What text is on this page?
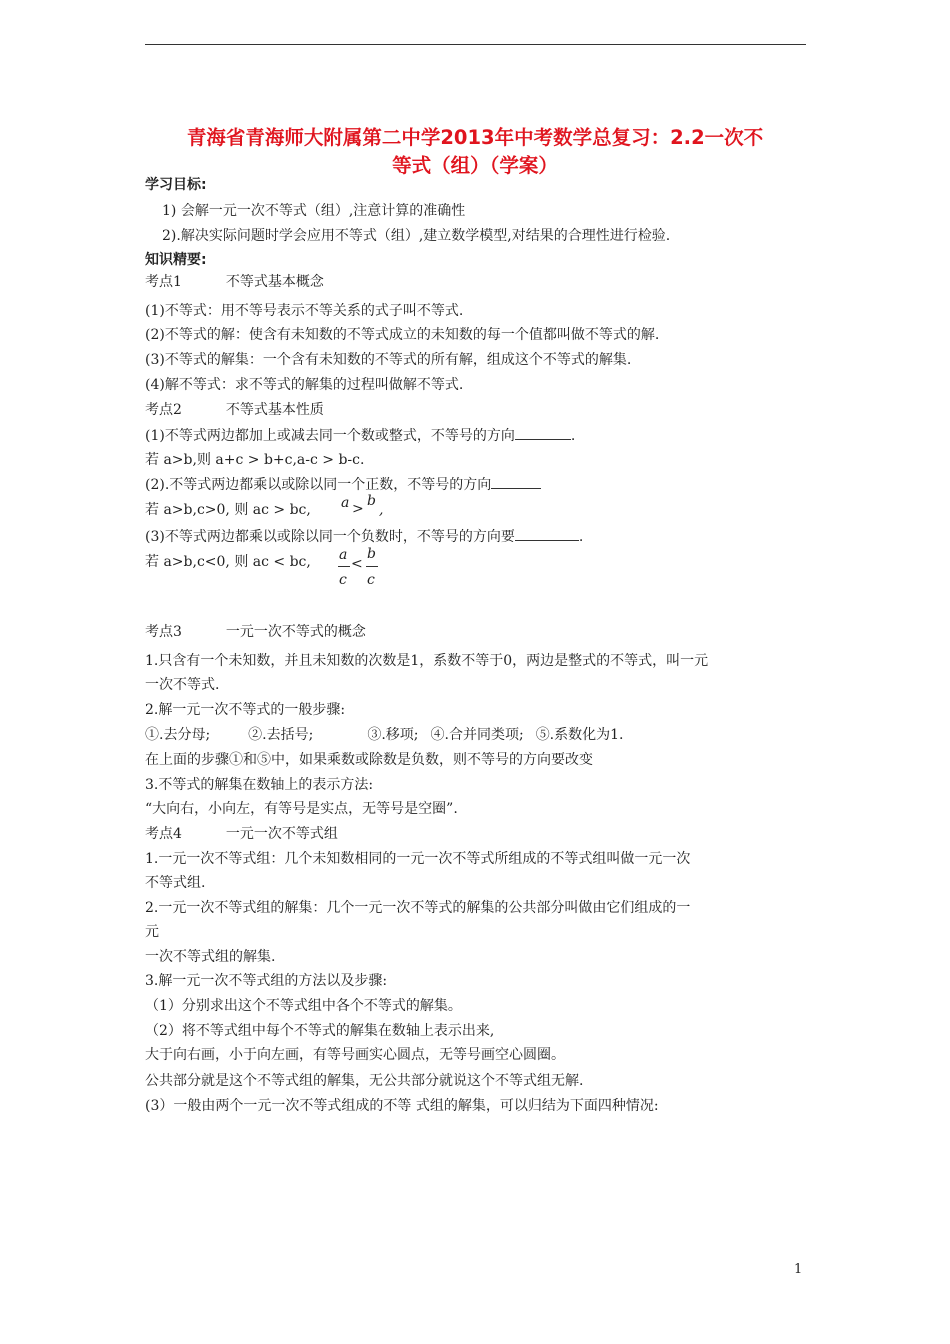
青海省青海师大附属第二中学2013年中考数学总复习：2.2一次不
等式（组）（学案）
学习目标:
1) 会解一元一次不等式（组）,注意计算的准确性
2).解决实际问题时学会应用不等式（组）,建立数学模型,对结果的合理性进行检验.
知识精要:
考点1	不等式基本概念
(1)不等式：用不等号表示不等关系的式子叫不等式.
(2)不等式的解：使含有未知数的不等式成立的未知数的每一个值都叫做不等式的解.
(3)不等式的解集：一个含有未知数的不等式的所有解，组成这个不等式的解集.
(4)解不等式：求不等式的解集的过程叫做解不等式.
考点2	不等式基本性质
(1)不等式两边都加上或减去同一个数或整式，不等号的方向	.
若 a>b,则 a+c > b+c,a-c > b-c.
(2).不等式两边都乘以或除以同一个正数，不等号的方向
若 a>b,c>0, 则 ac > bc, a > b
,
(3)不等式两边都乘以或除以同一个负数时，不等号的方向要	.
若 a>b,c<0, 则 ac < bc, a
<
b
c c
考点3	一元一次不等式的概念
1.只含有一个未知数，并且未知数的次数是1，系数不等于0，两边是整式的不等式，叫一元
一次不等式.
2.解一元一次不等式的一般步骤:
①.去分母;	②.去括号;	③.移项; ④.合并同类项; ⑤.系数化为1.
在上面的步骤①和⑤中，如果乘数或除数是负数，则不等号的方向要改变
3.不等式的解集在数轴上的表示方法:
“大向右，小向左，有等号是实点，无等号是空圈”.
考点4	一元一次不等式组
1.一元一次不等式组：几个未知数相同的一元一次不等式所组成的不等式组叫做一元一次
不等式组.
2.一元一次不等式组的解集：几个一元一次不等式的解集的公共部分叫做由它们组成的一
元
一次不等式组的解集.
3.解一元一次不等式组的方法以及步骤:
（1）分别求出这个不等式组中各个不等式的解集。
（2）将不等式组中每个不等式的解集在数轴上表示出来,
大于向右画，小于向左画，有等号画实心圆点，无等号画空心圆圈。
公共部分就是这个不等式组的解集，无公共部分就说这个不等式组无解.
(3）一般由两个一元一次不等式组成的不等 式组的解集，可以归结为下面四种情况:
1
